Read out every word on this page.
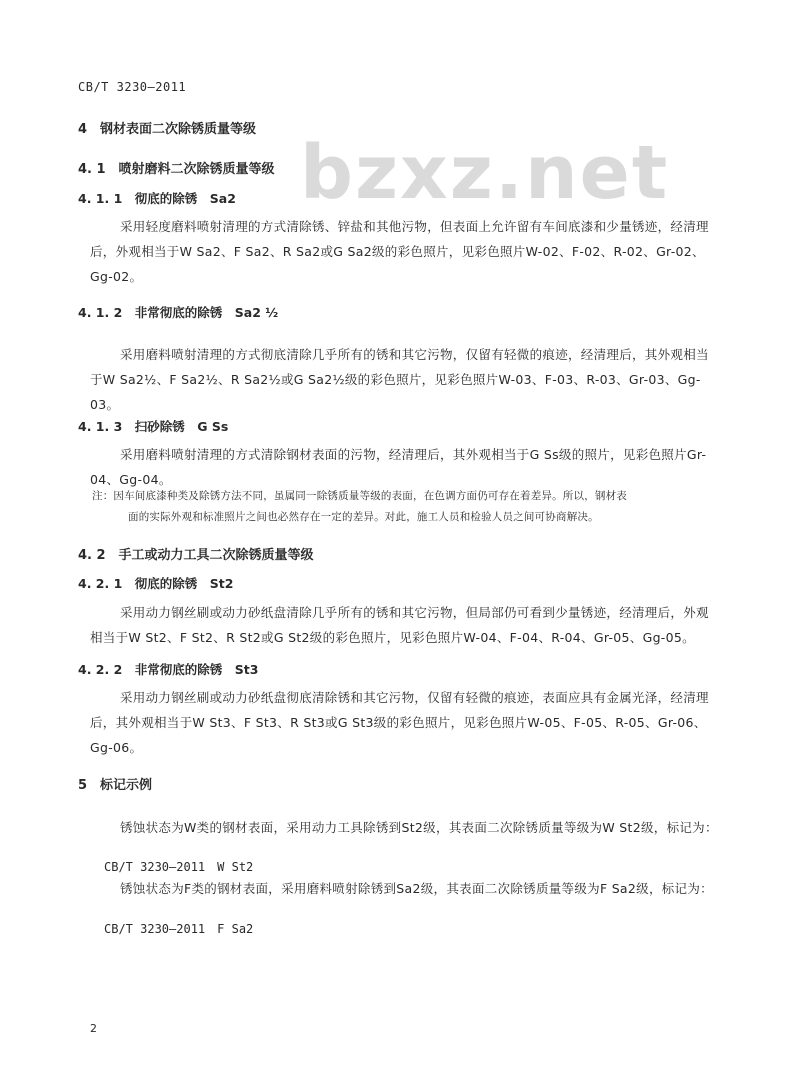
bzxz.net
CB/T 3230—2011
4　钢材表面二次除锈质量等级
4. 1　喷射磨料二次除锈质量等级
4. 1. 1　彻底的除锈　Sa2
采用轻度磨料喷射清理的方式清除锈、锌盐和其他污物，但表面上允许留有车间底漆和少量锈迹，经清理后，外观相当于W Sa2、F Sa2、R Sa2或G Sa2级的彩色照片，见彩色照片W-02、F-02、R-02、Gr-02、Gg-02。
4. 1. 2　非常彻底的除锈　Sa2 ½
采用磨料喷射清理的方式彻底清除几乎所有的锈和其它污物，仅留有轻微的痕迹，经清理后，其外观相当于W Sa2½、F Sa2½、R Sa2½或G Sa2½级的彩色照片，见彩色照片W-03、F-03、R-03、Gr-03、Gg-03。
4. 1. 3　扫砂除锈　G Ss
采用磨料喷射清理的方式清除钢材表面的污物，经清理后，其外观相当于G Ss级的照片，见彩色照片Gr-04、Gg-04。
注：因车间底漆种类及除锈方法不同，虽属同一除锈质量等级的表面，在色调方面仍可存在着差异。所以，钢材表
面的实际外观和标准照片之间也必然存在一定的差异。对此，施工人员和检验人员之间可协商解决。
4. 2　手工或动力工具二次除锈质量等级
4. 2. 1　彻底的除锈　St2
采用动力钢丝刷或动力砂纸盘清除几乎所有的锈和其它污物，但局部仍可看到少量锈迹，经清理后，外观相当于W St2、F St2、R St2或G St2级的彩色照片，见彩色照片W-04、F-04、R-04、Gr-05、Gg-05。
4. 2. 2　非常彻底的除锈　St3
采用动力钢丝刷或动力砂纸盘彻底清除锈和其它污物，仅留有轻微的痕迹，表面应具有金属光泽，经清理后，其外观相当于W St3、F St3、R St3或G St3级的彩色照片，见彩色照片W-05、F-05、R-05、Gr-06、Gg-06。
5　标记示例
锈蚀状态为W类的钢材表面，采用动力工具除锈到St2级，其表面二次除锈质量等级为W St2级，标记为：
CB/T 3230—2011　W St2
锈蚀状态为F类的钢材表面，采用磨料喷射除锈到Sa2级，其表面二次除锈质量等级为F Sa2级，标记为：
CB/T 3230—2011　F Sa2
2
